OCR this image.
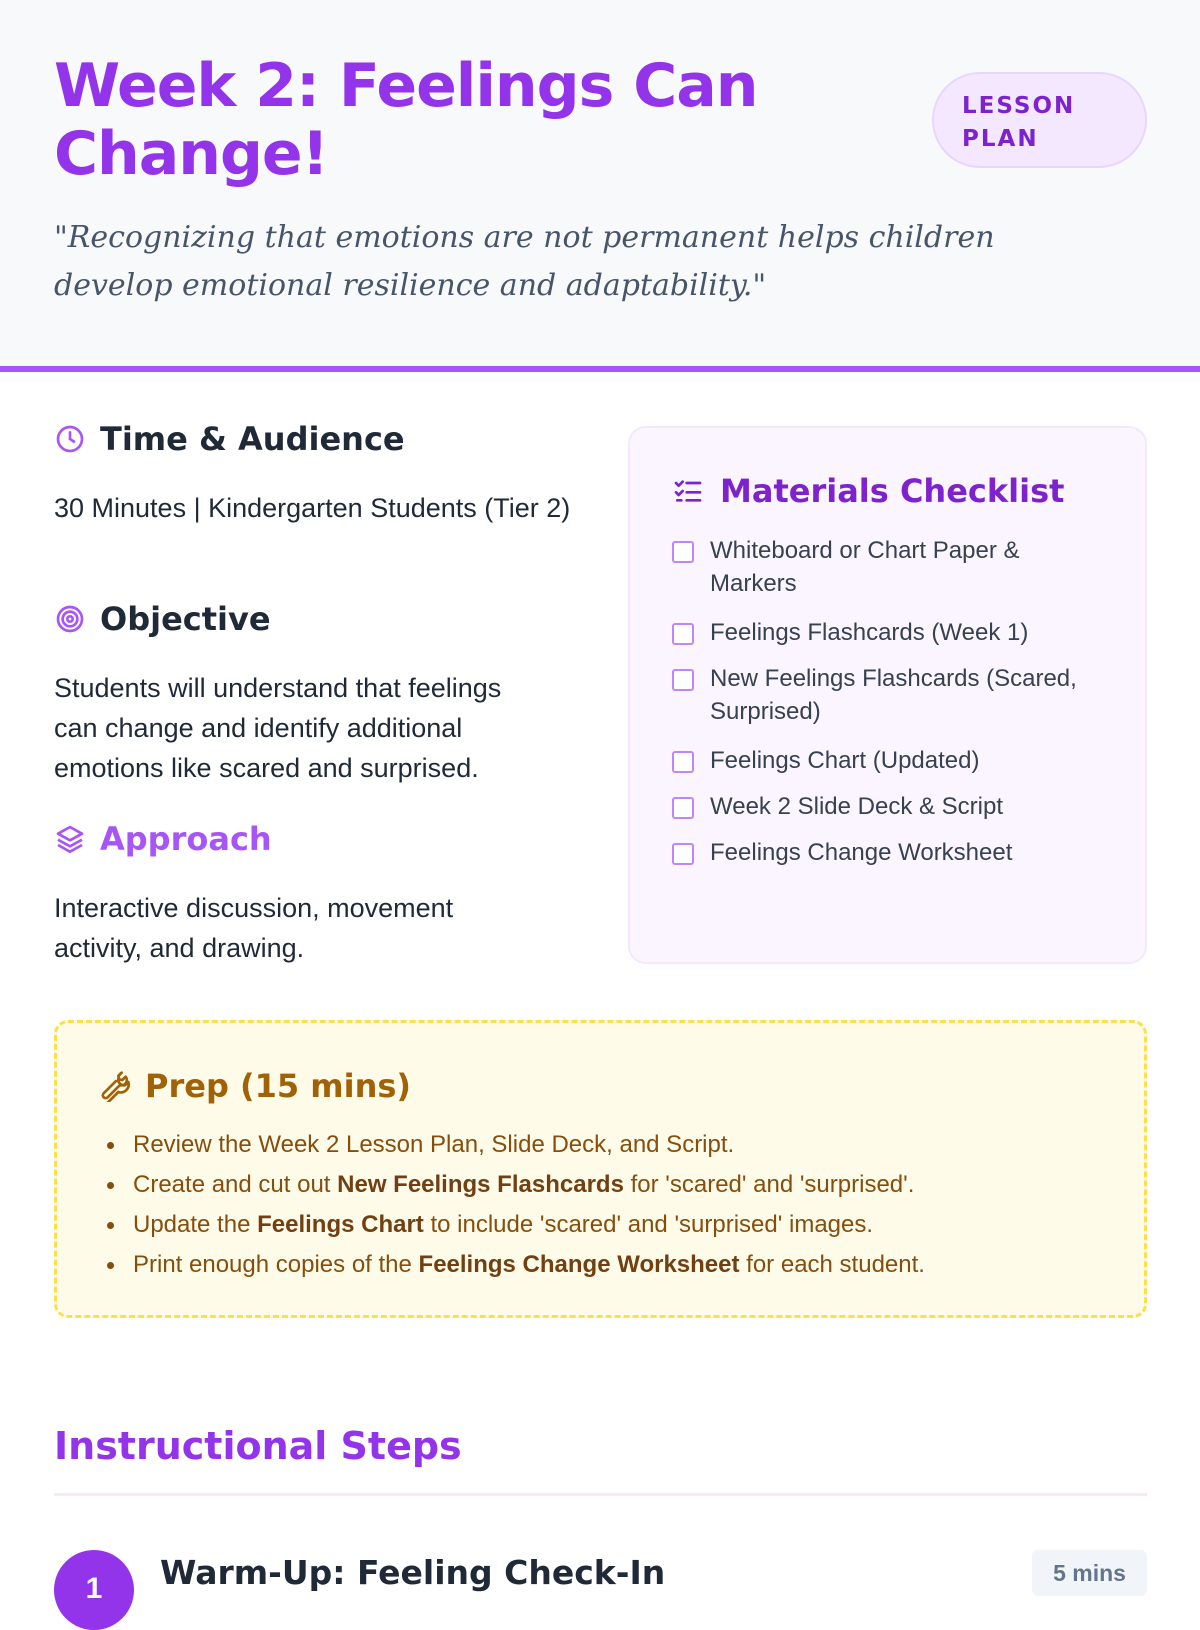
Week 2: Feelings Can Change!
LESSON PLAN

"Recognizing that emotions are not permanent helps children develop emotional resilience and adaptability."

Time & Audience

30 Minutes | Kindergarten Students (Tier 2)

Objective

Students will understand that feelings can change and identify additional emotions like scared and surprised.

Approach

Interactive discussion, movement activity, and drawing.

Materials Checklist
Whiteboard or Chart Paper & Markers
Feelings Flashcards (Week 1)
New Feelings Flashcards (Scared, Surprised)
Feelings Chart (Updated)
Week 2 Slide Deck & Script
Feelings Change Worksheet
Prep (15 mins)
Review the Week 2 Lesson Plan, Slide Deck, and Script.
Create and cut out New Feelings Flashcards for 'scared' and 'surprised'.
Update the Feelings Chart to include 'scared' and 'surprised' images.
Print enough copies of the Feelings Change Worksheet for each student.
Instructional Steps
1	Warm-Up: Feeling Check-In	5 mins
